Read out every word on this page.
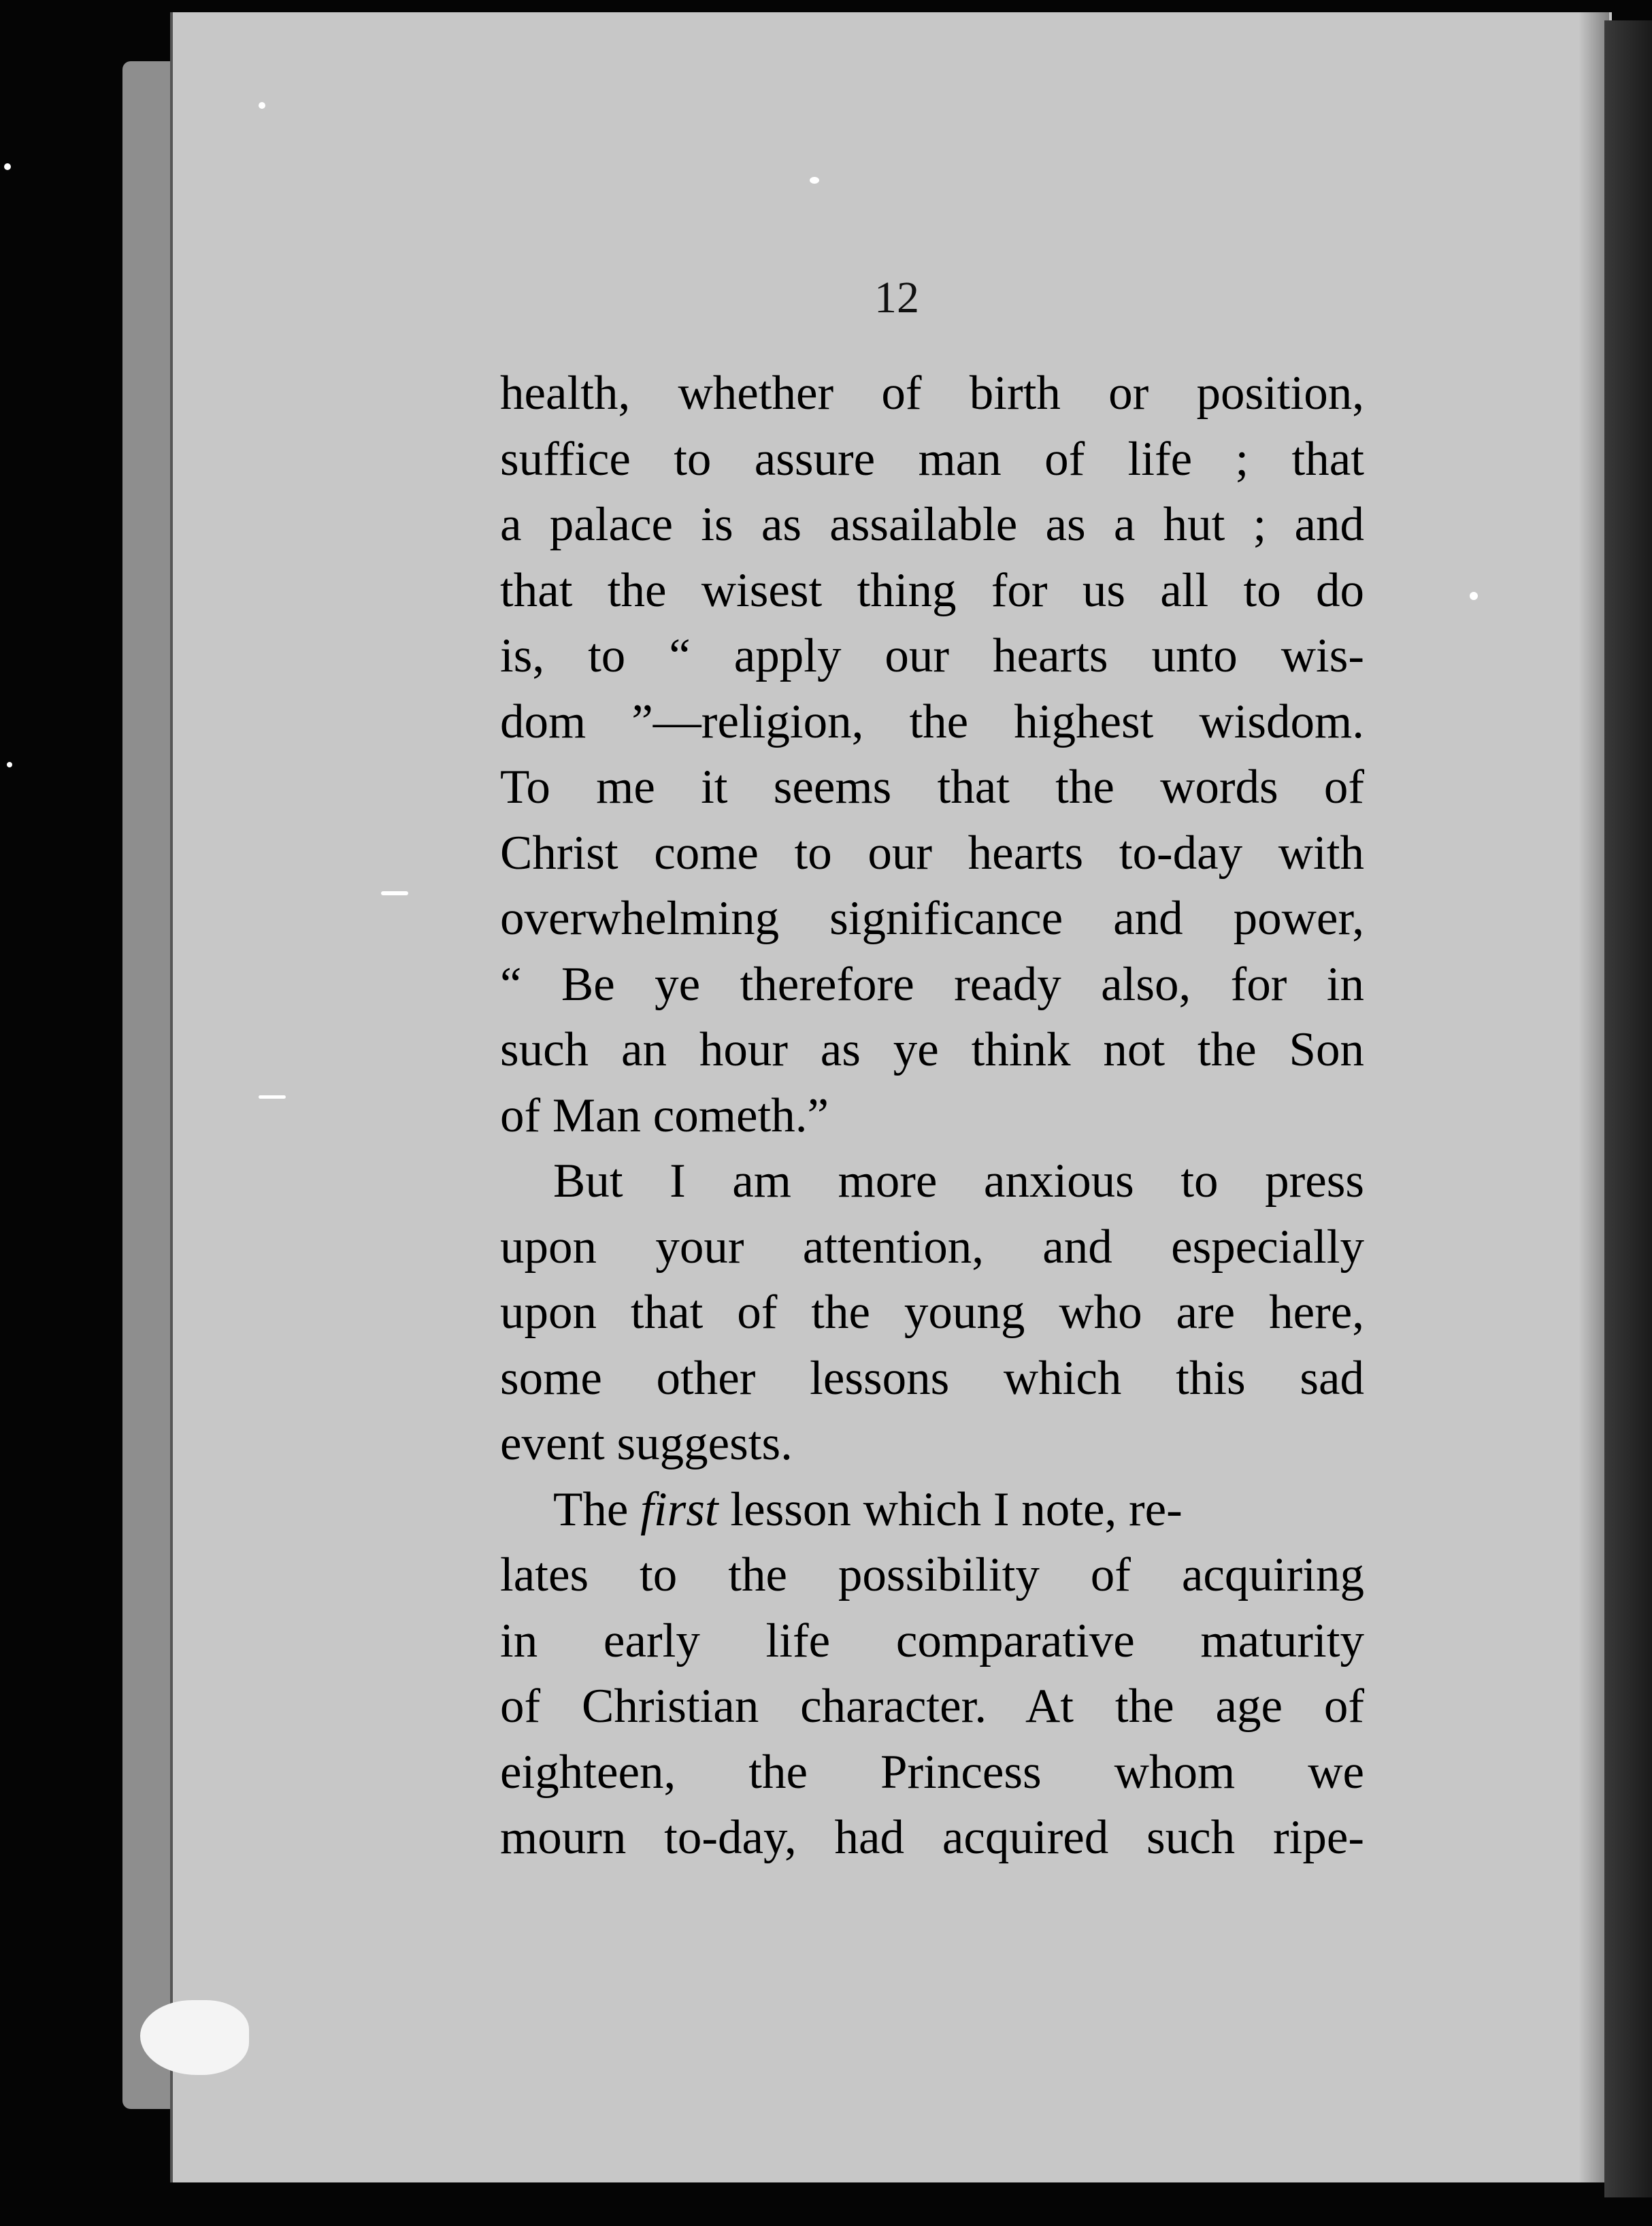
12
health, whether of birth or position,
suffice to assure man of life ; that
a palace is as assailable as a hut ; and
that the wisest thing for us all to do
is, to “ apply our hearts unto wis-
dom ”—religion, the highest wisdom.
To me it seems that the words of
Christ come to our hearts to-day with
overwhelming significance and power,
“ Be ye therefore ready also, for in
such an hour as ye think not the Son
of Man cometh.”
But I am more anxious to press
upon your attention, and especially
upon that of the young who are here,
some other lessons which this sad
event suggests.
The first lesson which I note, re-
lates to the possibility of acquiring
in early life comparative maturity
of Christian character. At the age of
eighteen, the Princess whom we
mourn to-day, had acquired such ripe-
